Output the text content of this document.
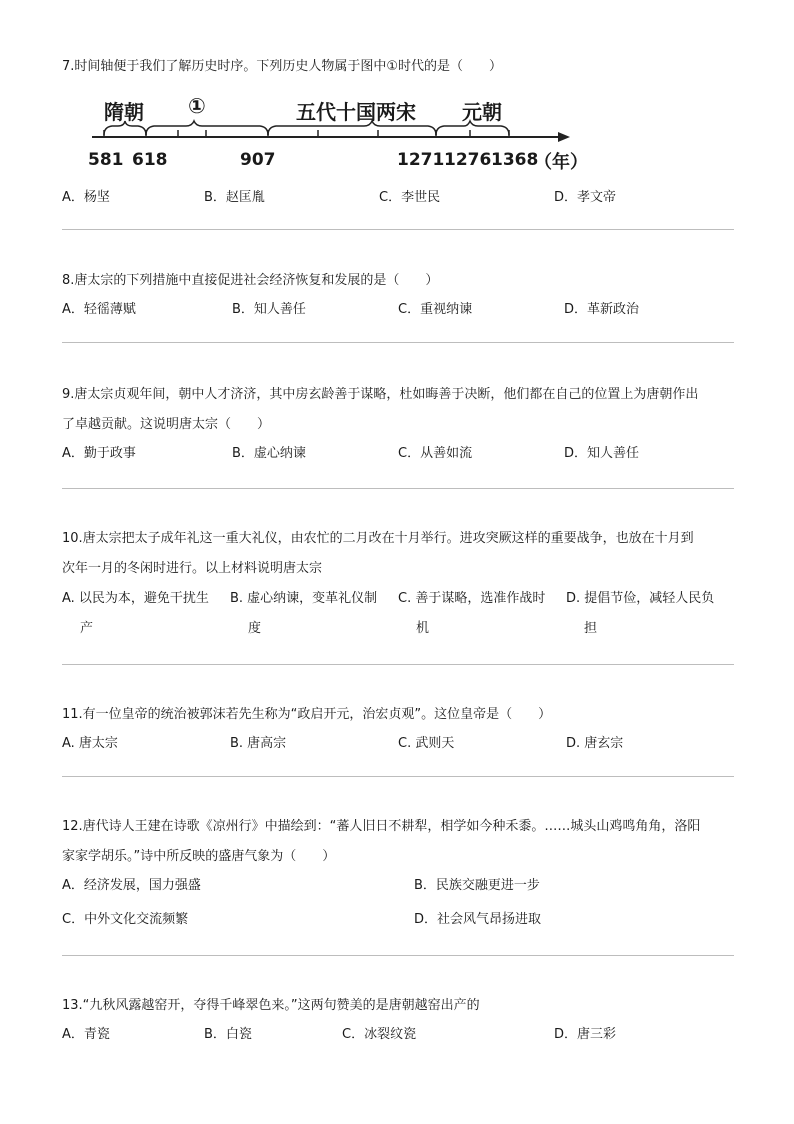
7.时间轴便于我们了解历史时序。下列历史人物属于图中①时代的是（　　）

隋朝 ①	五代十国两宋 元朝
581 618	907	1271 1276 1368
（年）
A．杨坚	B．赵匡胤	C．李世民	D．孝文帝

8.唐太宗的下列措施中直接促进社会经济恢复和发展的是（　　）

A．轻徭薄赋	B．知人善任	C．重视纳谏	D．革新政治

9.唐太宗贞观年间，朝中人才济济，其中房玄龄善于谋略，杜如晦善于决断，他们都在自己的位置上为唐朝作出

了卓越贡献。这说明唐太宗（　　）

A．勤于政事	B．虚心纳谏	C．从善如流	D．知人善任

10.唐太宗把太子成年礼这一重大礼仪，由农忙的二月改在十月举行。进攻突厥这样的重要战争，也放在十月到

次年一月的冬闲时进行。以上材料说明唐太宗

A. 以民为本，避免干扰生
产
B. 虚心纳谏，变革礼仪制
度
C. 善于谋略，选准作战时
机
D. 提倡节俭，减轻人民负
担

11.有一位皇帝的统治被郭沫若先生称为“政启开元，治宏贞观”。这位皇帝是（　　）

A. 唐太宗	B. 唐高宗	C. 武则天	D. 唐玄宗

12.唐代诗人王建在诗歌《凉州行》中描绘到：“蕃人旧日不耕犁，相学如今种禾黍。……城头山鸡鸣角角，洛阳

家家学胡乐。”诗中所反映的盛唐气象为（　　）

A．经济发展，国力强盛	B．民族交融更进一步
C．中外文化交流频繁	D．社会风气昂扬进取

13.“九秋风露越窑开，夺得千峰翠色来。”这两句赞美的是唐朝越窑出产的

A．青瓷	B．白瓷	C．冰裂纹瓷	D．唐三彩
